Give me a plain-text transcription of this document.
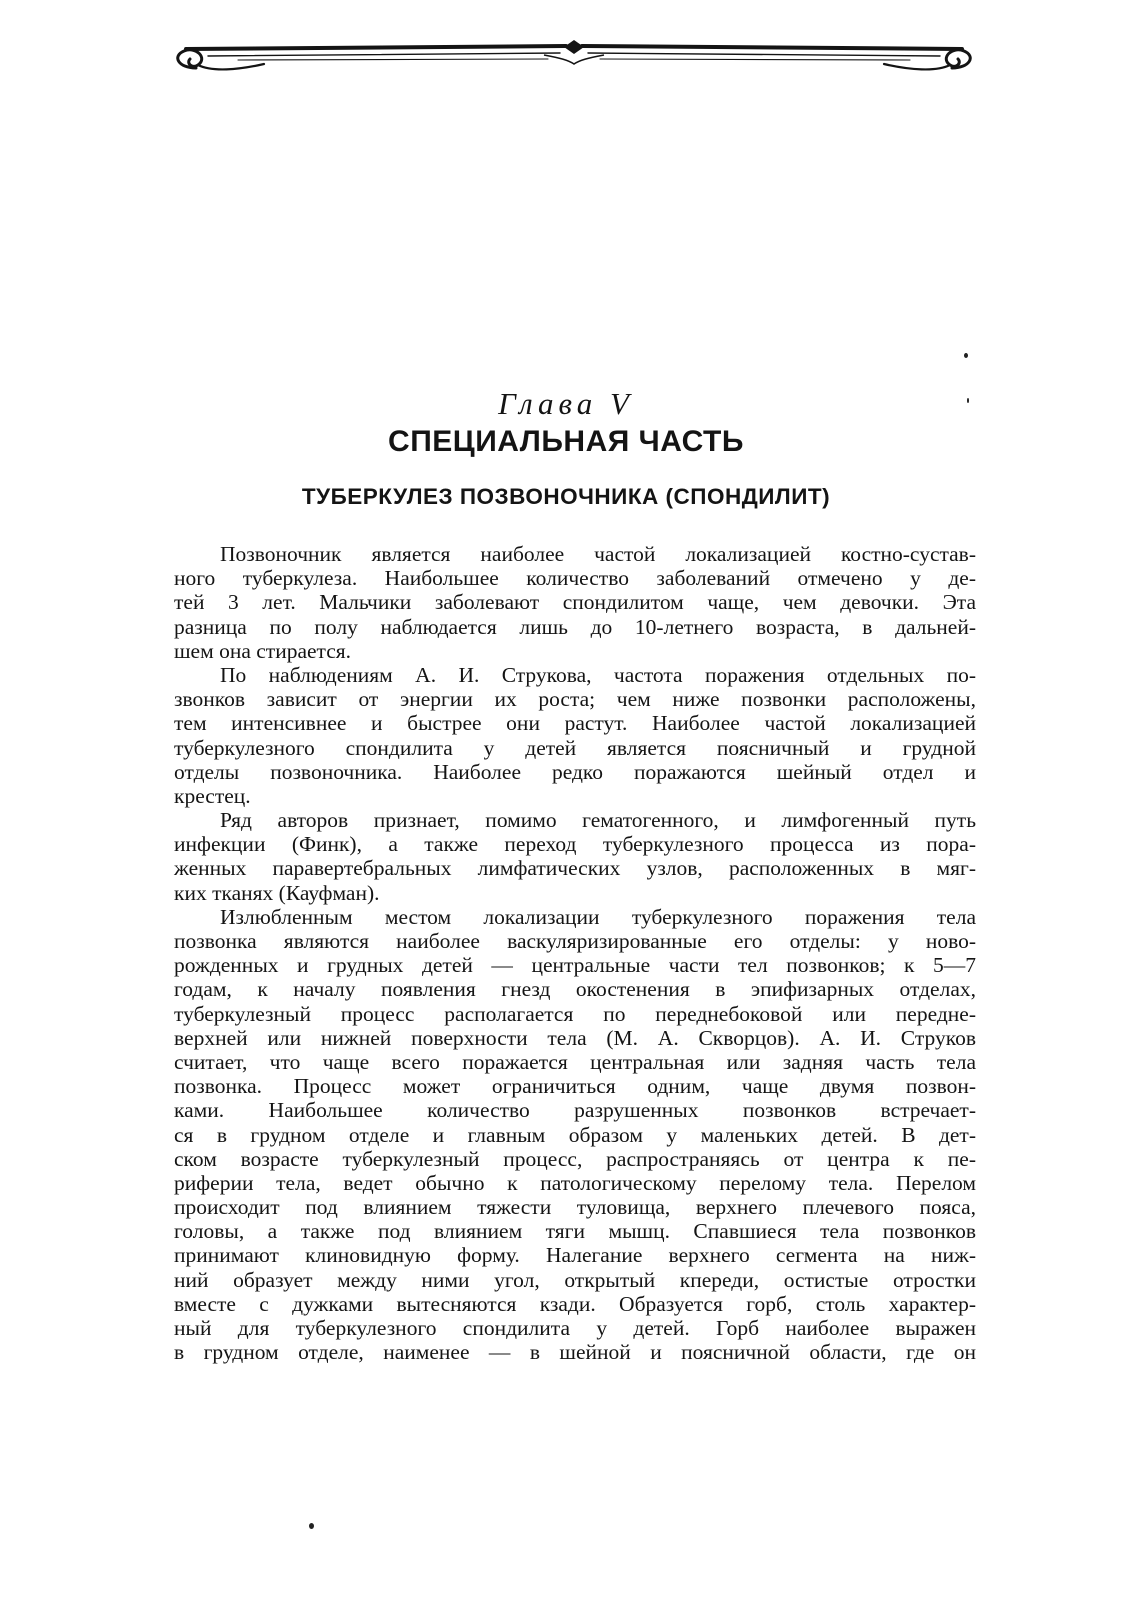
Глава V
СПЕЦИАЛЬНАЯ ЧАСТЬ
ТУБЕРКУЛЕЗ ПОЗВОНОЧНИКА (СПОНДИЛИТ)
Позвоночник является наиболее частой локализацией костно-сустав-
ного туберкулеза. Наибольшее количество заболеваний отмечено у де-
тей 3 лет. Мальчики заболевают спондилитом чаще, чем девочки. Эта
разница по полу наблюдается лишь до 10-летнего возраста, в дальней-
шем она стирается.
По наблюдениям А. И. Струкова, частота поражения отдельных по-
звонков зависит от энергии их роста; чем ниже позвонки расположены,
тем интенсивнее и быстрее они растут. Наиболее частой локализацией
туберкулезного спондилита у детей является поясничный и грудной
отделы позвоночника. Наиболее редко поражаются шейный отдел и
крестец.
Ряд авторов признает, помимо гематогенного, и лимфогенный путь
инфекции (Финк), а также переход туберкулезного процесса из пора-
женных паравертебральных лимфатических узлов, расположенных в мяг-
ких тканях (Кауфман).
Излюбленным местом локализации туберкулезного поражения тела
позвонка являются наиболее васкуляризированные его отделы: у ново-
рожденных и грудных детей — центральные части тел позвонков; к 5—7
годам, к началу появления гнезд окостенения в эпифизарных отделах,
туберкулезный процесс располагается по переднебоковой или передне-
верхней или нижней поверхности тела (М. А. Скворцов). А. И. Струков
считает, что чаще всего поражается центральная или задняя часть тела
позвонка. Процесс может ограничиться одним, чаще двумя позвон-
ками. Наибольшее количество разрушенных позвонков встречает-
ся в грудном отделе и главным образом у маленьких детей. В дет-
ском возрасте туберкулезный процесс, распространяясь от центра к пе-
риферии тела, ведет обычно к патологическому перелому тела. Перелом
происходит под влиянием тяжести туловища, верхнего плечевого пояса,
головы, а также под влиянием тяги мышц. Спавшиеся тела позвонков
принимают клиновидную форму. Налегание верхнего сегмента на ниж-
ний образует между ними угол, открытый кпереди, остистые отростки
вместе с дужками вытесняются кзади. Образуется горб, столь характер-
ный для туберкулезного спондилита у детей. Горб наиболее выражен
в грудном отделе, наименее — в шейной и поясничной области, где он
